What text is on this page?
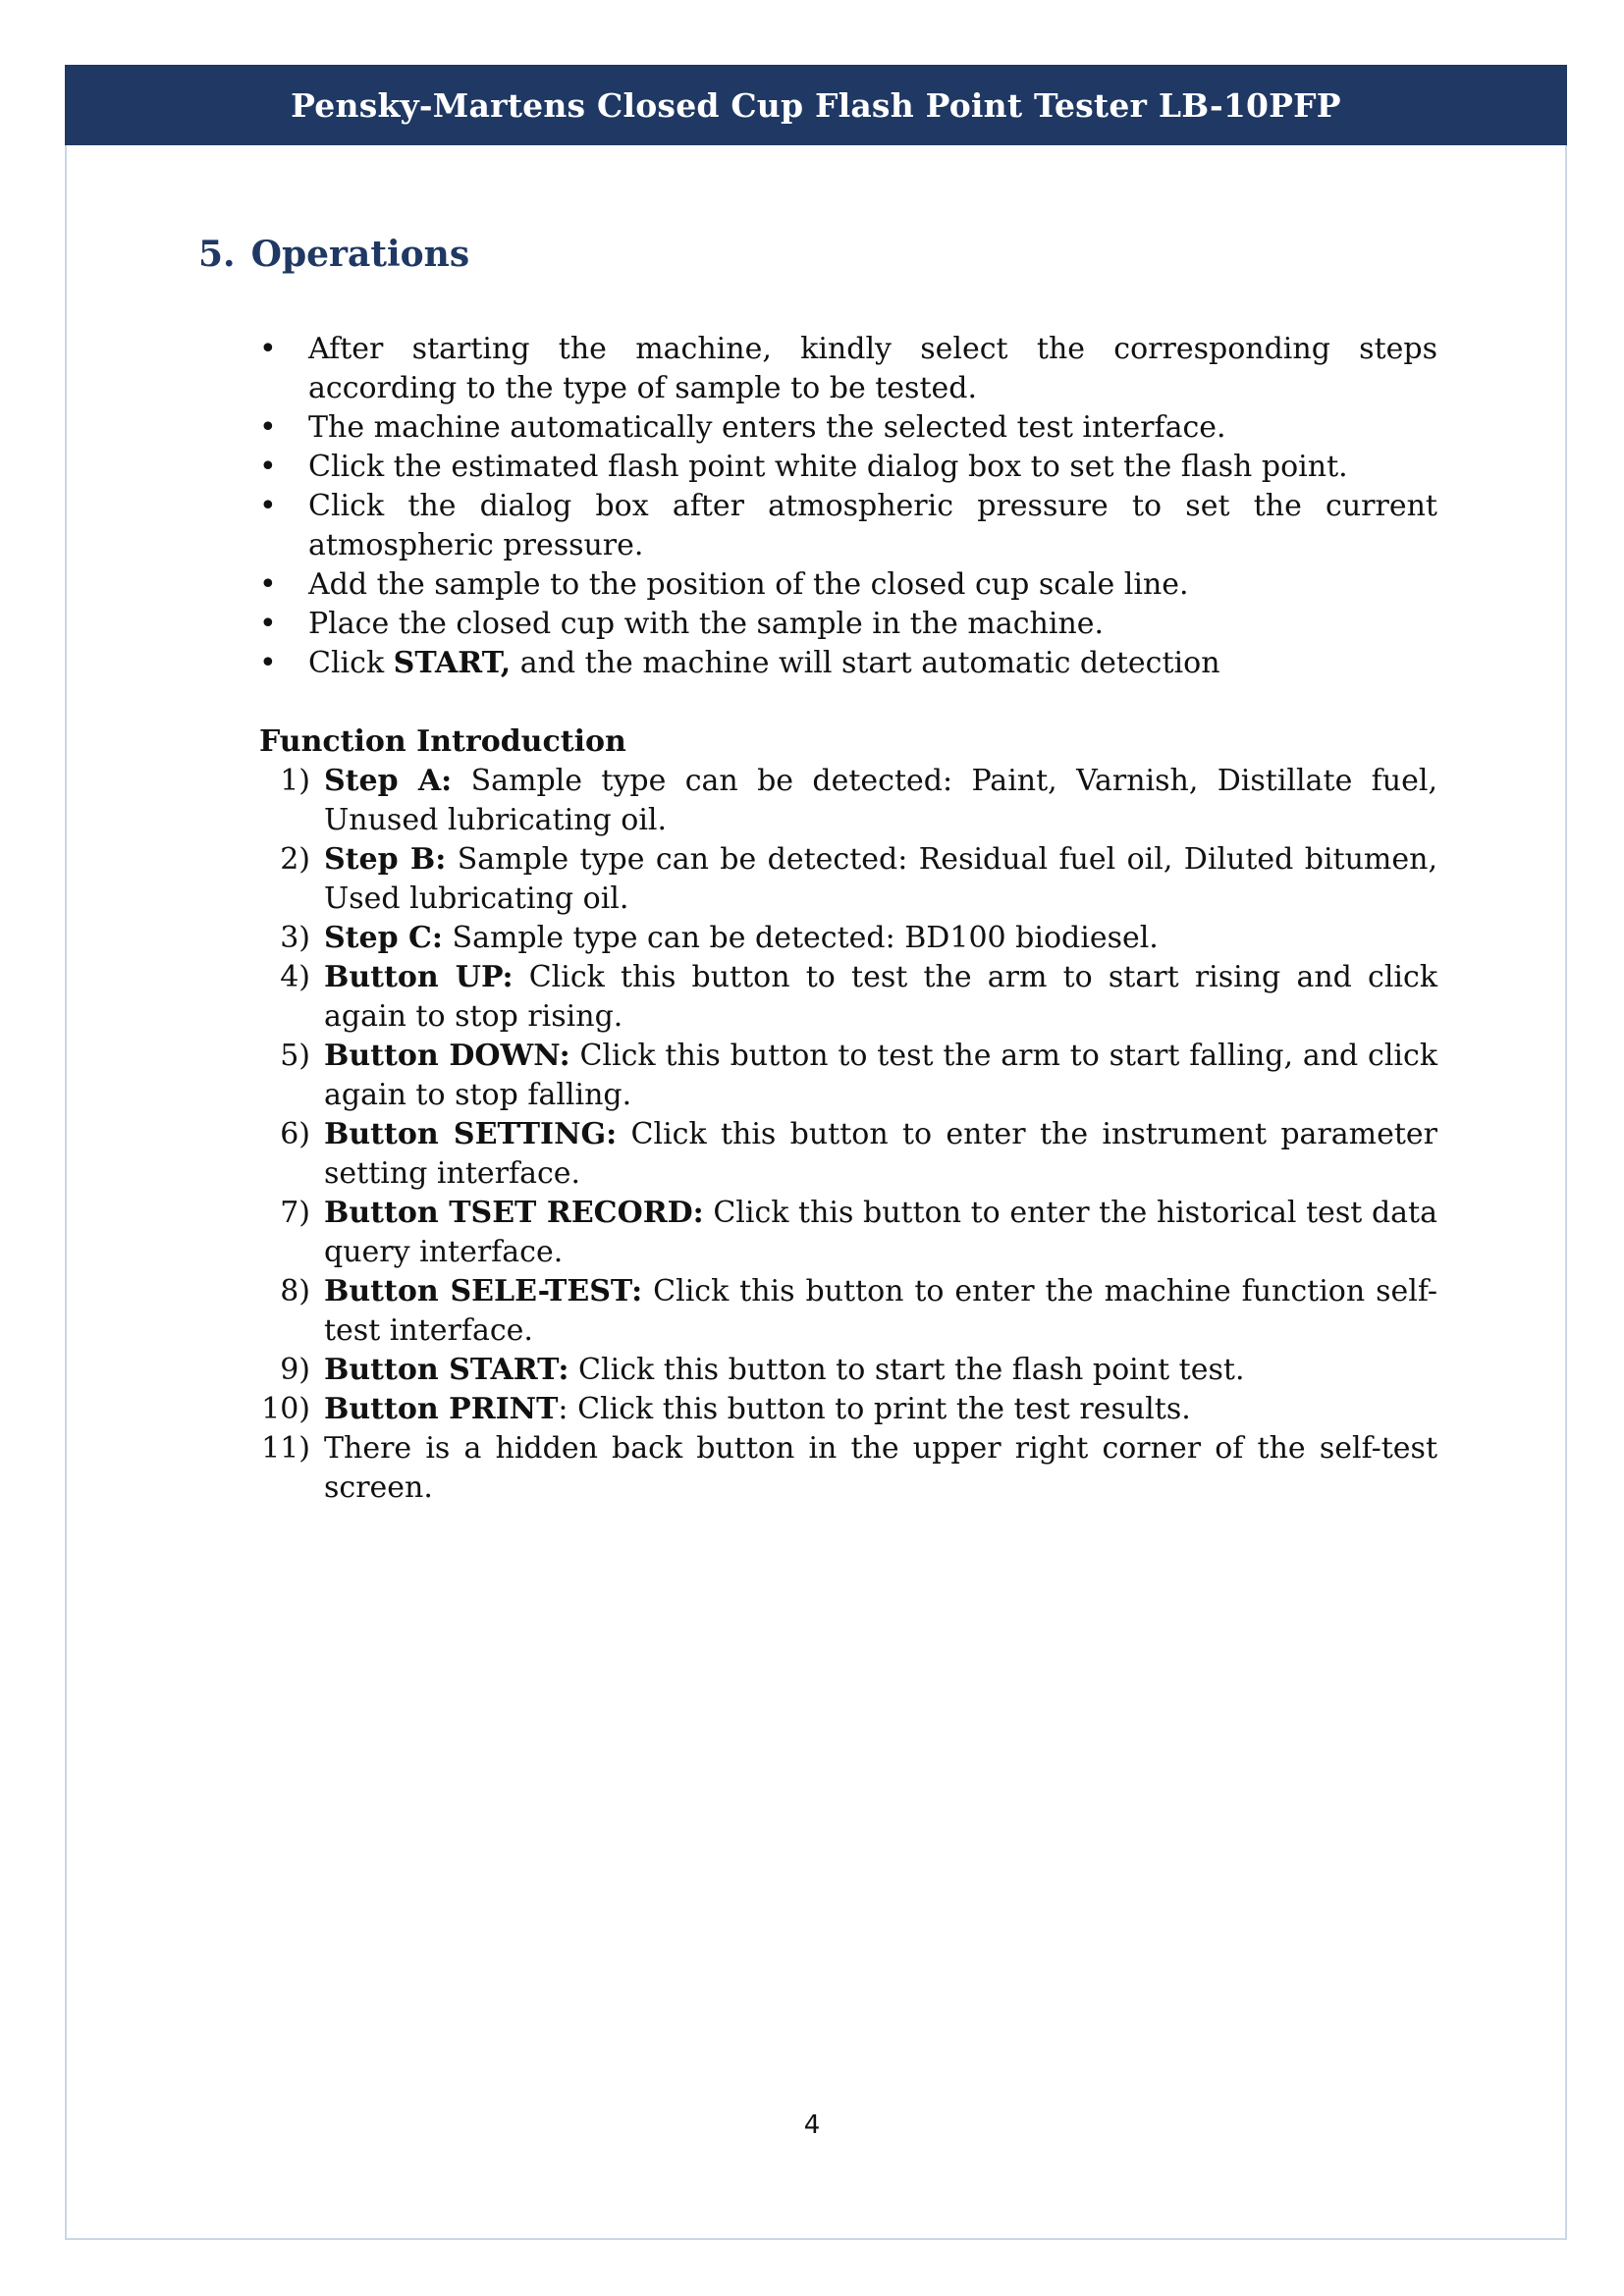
Pensky-Martens Closed Cup Flash Point Tester LB-10PFP
5. Operations
•	After starting the machine, kindly select the corresponding steps according to the type of sample to be tested.
•	The machine automatically enters the selected test interface.
•	Click the estimated flash point white dialog box to set the flash point.
•	Click the dialog box after atmospheric pressure to set the current atmospheric pressure.
•	Add the sample to the position of the closed cup scale line.
•	Place the closed cup with the sample in the machine.
•	Click START, and the machine will start automatic detection
Function Introduction
1) Step A: Sample type can be detected: Paint, Varnish, Distillate fuel, Unused lubricating oil.
2) Step B: Sample type can be detected: Residual fuel oil, Diluted bitumen, Used lubricating oil.
3) Step C: Sample type can be detected: BD100 biodiesel.
4) Button UP: Click this button to test the arm to start rising and click again to stop rising.
5) Button DOWN: Click this button to test the arm to start falling, and click again to stop falling.
6) Button SETTING: Click this button to enter the instrument parameter setting interface.
7) Button TSET RECORD: Click this button to enter the historical test data query interface.
8) Button SELE-TEST: Click this button to enter the machine function self-test interface.
9) Button START: Click this button to start the flash point test.
10) Button PRINT: Click this button to print the test results.
11) There is a hidden back button in the upper right corner of the self-test screen.
4
